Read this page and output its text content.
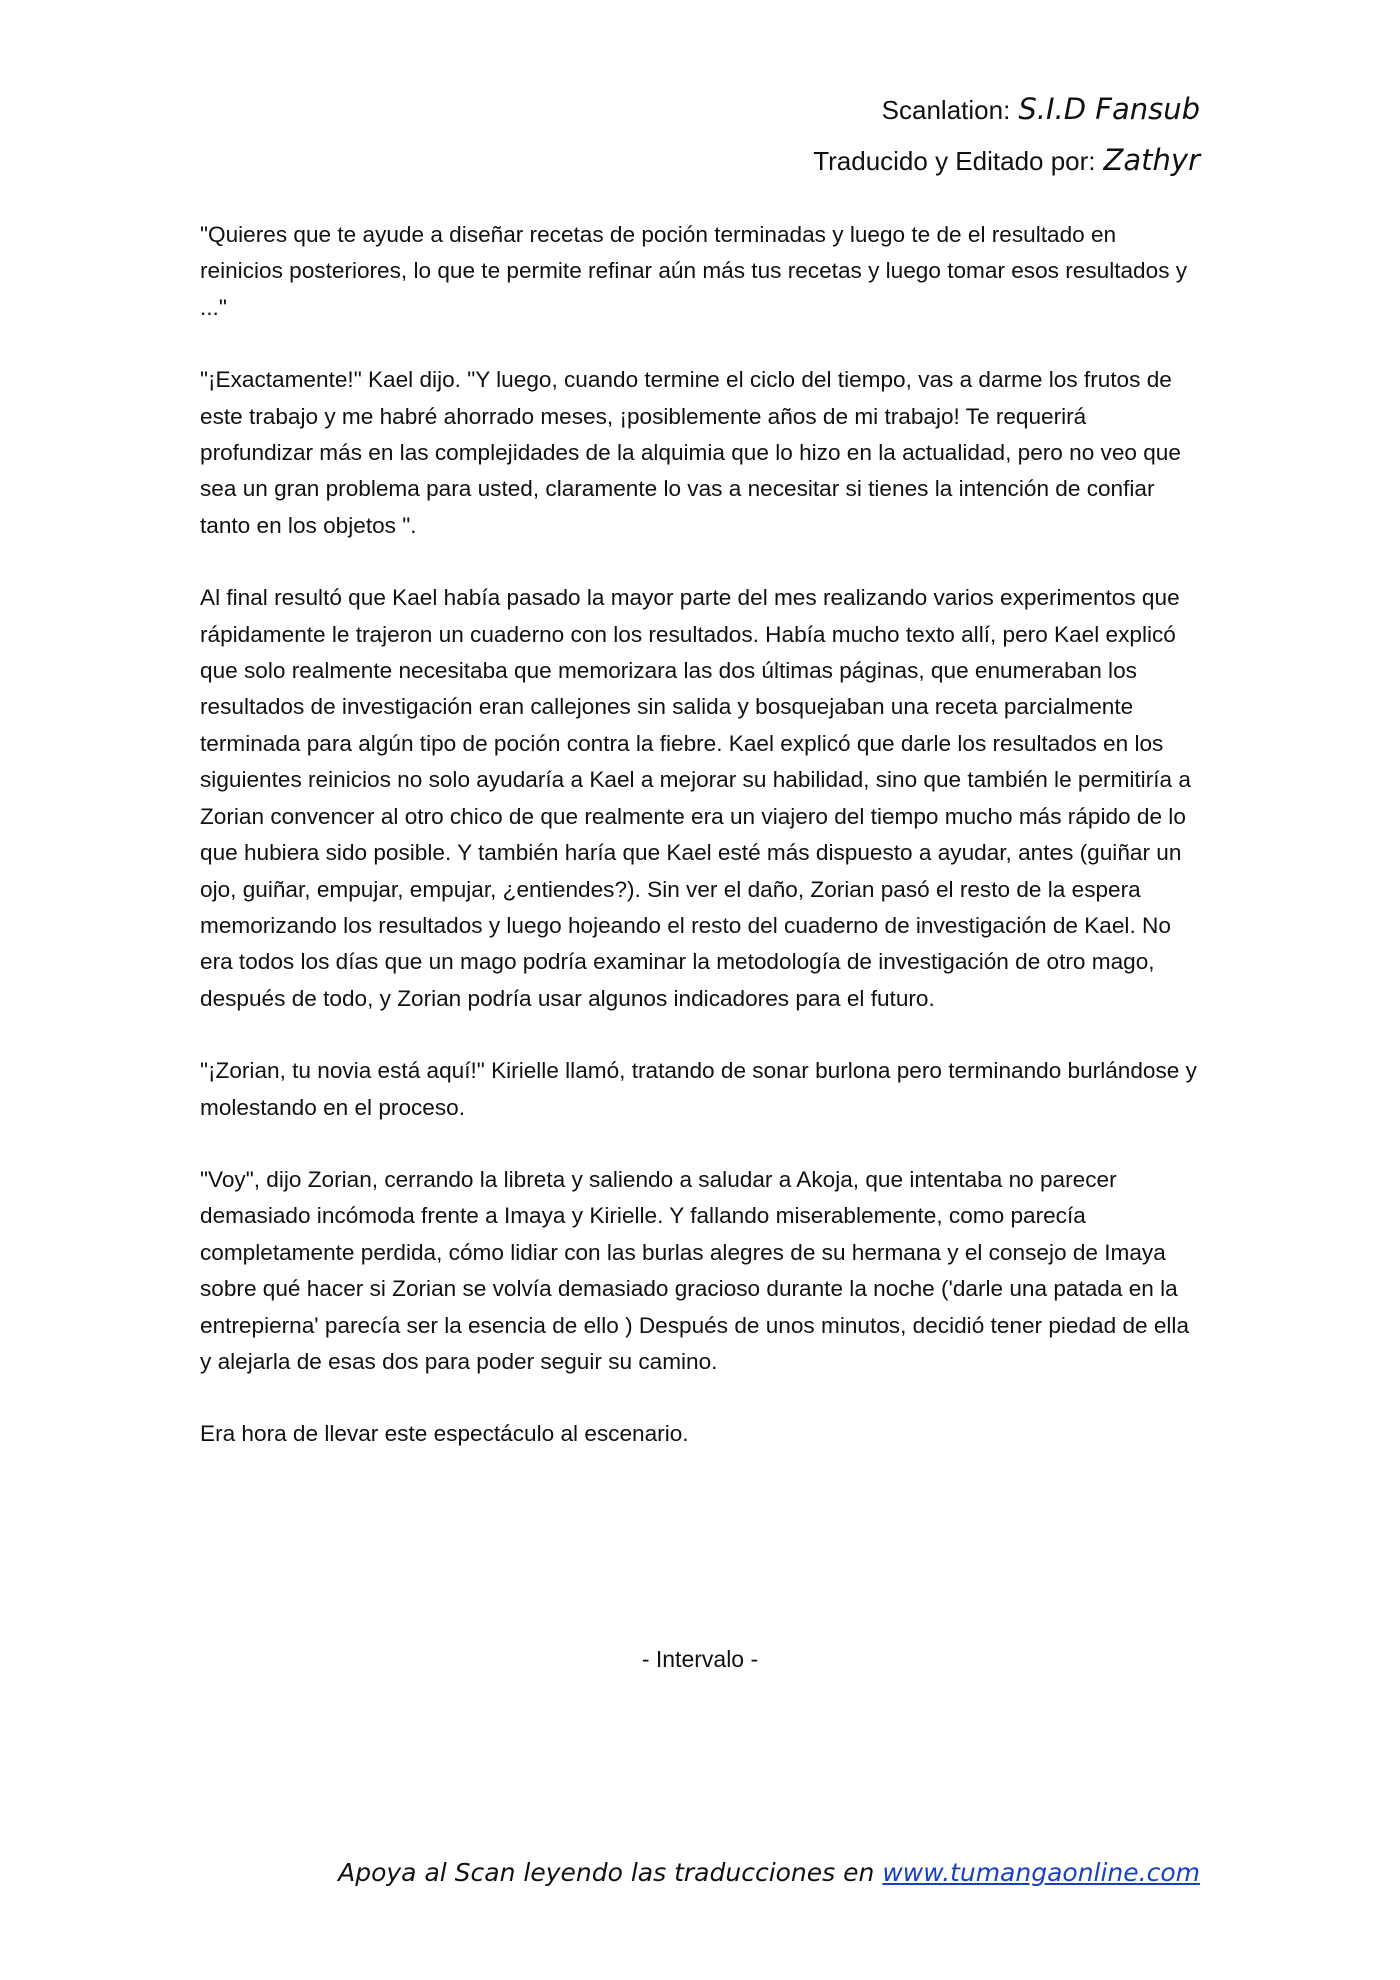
Scanlation: S.I.D Fansub
Traducido y Editado por: Zathyr

"Quieres que te ayude a diseñar recetas de poción terminadas y luego te de el resultado en reinicios posteriores, lo que te permite refinar aún más tus recetas y luego tomar esos resultados y ..."

"¡Exactamente!" Kael dijo. "Y luego, cuando termine el ciclo del tiempo, vas a darme los frutos de este trabajo y me habré ahorrado meses, ¡posiblemente años de mi trabajo! Te requerirá profundizar más en las complejidades de la alquimia que lo hizo en la actualidad, pero no veo que sea un gran problema para usted, claramente lo vas a necesitar si tienes la intención de confiar tanto en los objetos ".

Al final resultó que Kael había pasado la mayor parte del mes realizando varios experimentos que rápidamente le trajeron un cuaderno con los resultados. Había mucho texto allí, pero Kael explicó que solo realmente necesitaba que memorizara las dos últimas páginas, que enumeraban los resultados de investigación eran callejones sin salida y bosquejaban una receta parcialmente terminada para algún tipo de poción contra la fiebre. Kael explicó que darle los resultados en los siguientes reinicios no solo ayudaría a Kael a mejorar su habilidad, sino que también le permitiría a Zorian convencer al otro chico de que realmente era un viajero del tiempo mucho más rápido de lo que hubiera sido posible. Y también haría que Kael esté más dispuesto a ayudar, antes (guiñar un ojo, guiñar, empujar, empujar, ¿entiendes?). Sin ver el daño, Zorian pasó el resto de la espera memorizando los resultados y luego hojeando el resto del cuaderno de investigación de Kael. No era todos los días que un mago podría examinar la metodología de investigación de otro mago, después de todo, y Zorian podría usar algunos indicadores para el futuro.

"¡Zorian, tu novia está aquí!" Kirielle llamó, tratando de sonar burlona pero terminando burlándose y molestando en el proceso.

"Voy", dijo Zorian, cerrando la libreta y saliendo a saludar a Akoja, que intentaba no parecer demasiado incómoda frente a Imaya y Kirielle. Y fallando miserablemente, como parecía completamente perdida, cómo lidiar con las burlas alegres de su hermana y el consejo de Imaya sobre qué hacer si Zorian se volvía demasiado gracioso durante la noche ('darle una patada en la entrepierna' parecía ser la esencia de ello ) Después de unos minutos, decidió tener piedad de ella y alejarla de esas dos para poder seguir su camino.

Era hora de llevar este espectáculo al escenario.

- Intervalo -
Apoya al Scan leyendo las traducciones en www.tumangaonline.com
